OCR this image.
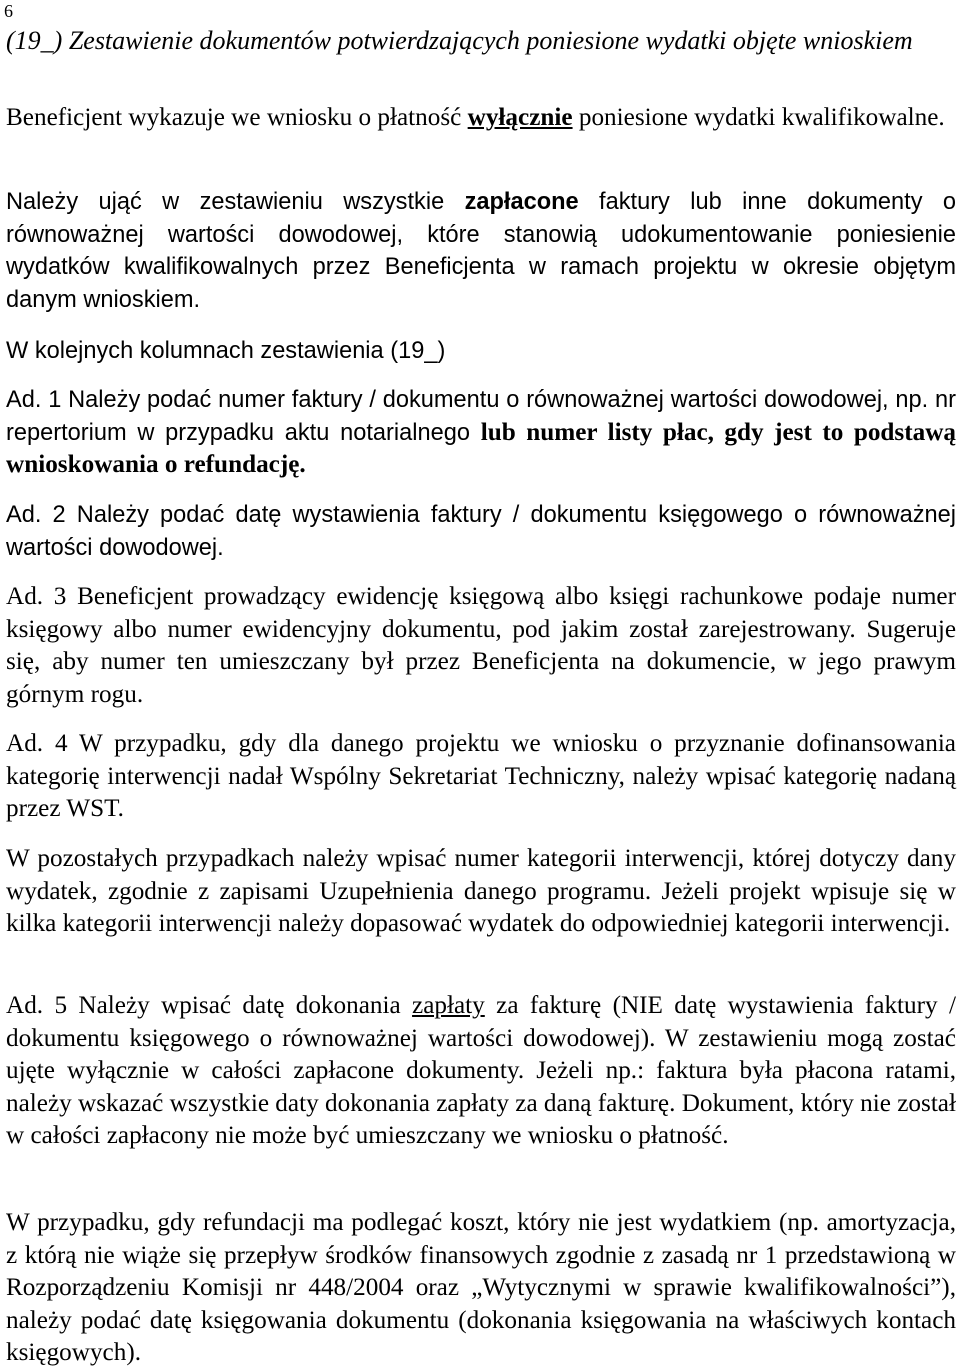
6
(19_) Zestawienie dokumentów potwierdzających poniesione wydatki objęte wnioskiem

Beneficjent wykazuje we wniosku o płatność wyłącznie poniesione wydatki kwalifikowalne.

Należy ująć w zestawieniu wszystkie zapłacone faktury lub inne dokumenty o równoważnej wartości dowodowej, które stanowią udokumentowanie poniesienie wydatków kwalifikowalnych przez Beneficjenta w ramach projektu w okresie objętym danym wnioskiem.

W kolejnych kolumnach zestawienia (19_)

Ad. 1 Należy podać numer faktury / dokumentu o równoważnej wartości dowodowej, np. nr repertorium w przypadku aktu notarialnego lub numer listy płac, gdy jest to podstawą wnioskowania o refundację.

Ad. 2 Należy podać datę wystawienia faktury / dokumentu księgowego o równoważnej wartości dowodowej.

Ad. 3 Beneficjent prowadzący ewidencję księgową albo księgi rachunkowe podaje numer księgowy albo numer ewidencyjny dokumentu, pod jakim został zarejestrowany. Sugeruje się, aby numer ten umieszczany był przez Beneficjenta na dokumencie, w jego prawym górnym rogu.

Ad. 4 W przypadku, gdy dla danego projektu we wniosku o przyznanie dofinansowania kategorię interwencji nadał Wspólny Sekretariat Techniczny, należy wpisać kategorię nadaną przez WST.

W pozostałych przypadkach należy wpisać numer kategorii interwencji, której dotyczy dany wydatek, zgodnie z zapisami Uzupełnienia danego programu. Jeżeli projekt wpisuje się w kilka kategorii interwencji należy dopasować wydatek do odpowiedniej kategorii interwencji.

Ad. 5 Należy wpisać datę dokonania zapłaty za fakturę (NIE datę wystawienia faktury / dokumentu księgowego o równoważnej wartości dowodowej). W zestawieniu mogą zostać ujęte wyłącznie w całości zapłacone dokumenty. Jeżeli np.: faktura była płacona ratami, należy wskazać wszystkie daty dokonania zapłaty za daną fakturę. Dokument, który nie został w całości zapłacony nie może być umieszczany we wniosku o płatność.

W przypadku, gdy refundacji ma podlegać koszt, który nie jest wydatkiem (np. amortyzacja, z którą nie wiąże się przepływ środków finansowych zgodnie z zasadą nr 1 przedstawioną w Rozporządzeniu Komisji nr 448/2004 oraz „Wytycznymi w sprawie kwalifikowalności”), należy podać datę księgowania dokumentu (dokonania księgowania na właściwych kontach księgowych).
